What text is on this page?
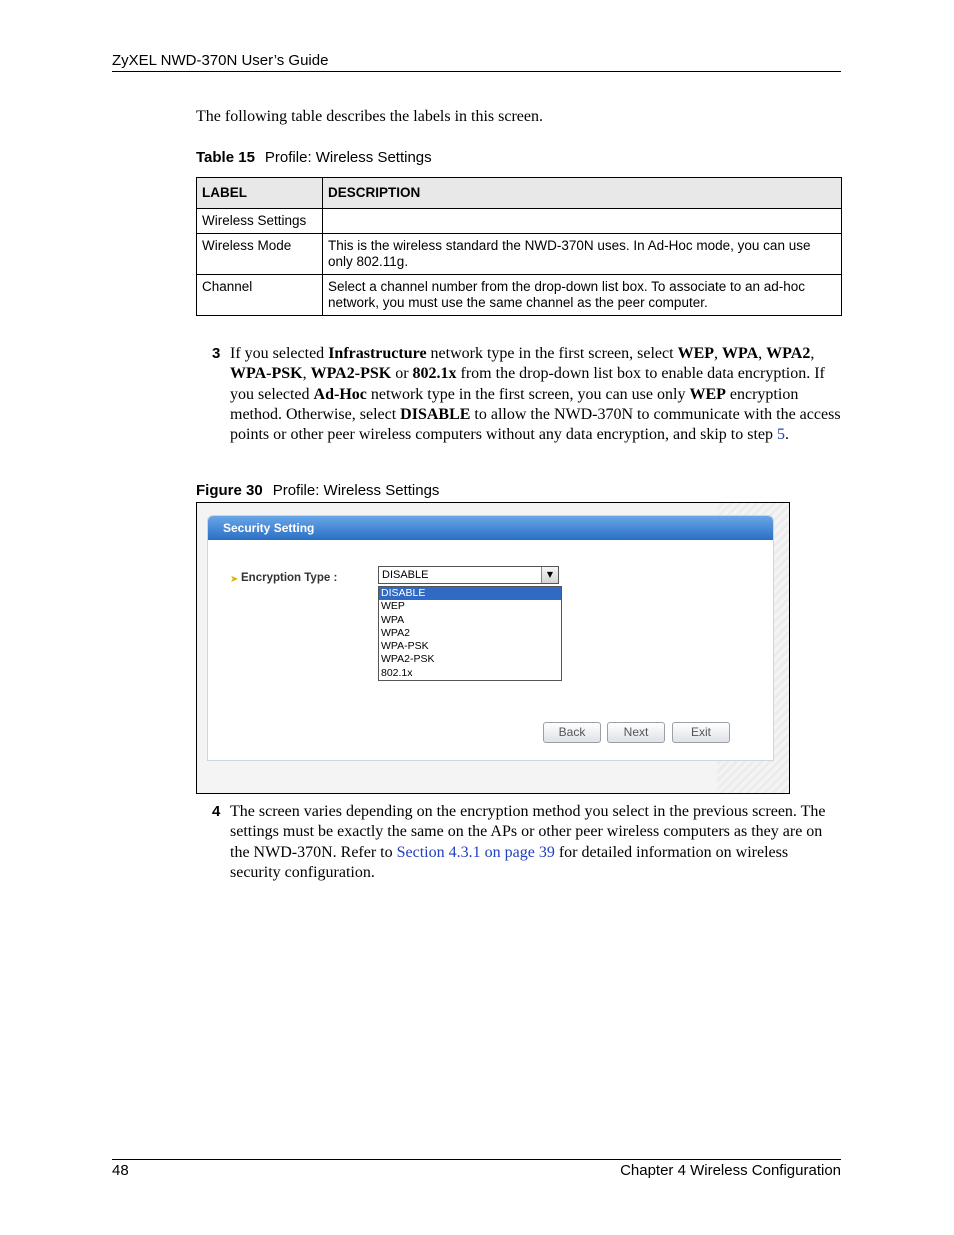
ZyXEL NWD-370N User’s Guide
The following table describes the labels in this screen.
Table 15 Profile: Wireless Settings
LABEL	DESCRIPTION
Wireless Settings	
Wireless Mode	This is the wireless standard the NWD-370N uses. In Ad-Hoc mode, you can use only 802.11g.
Channel	Select a channel number from the drop-down list box. To associate to an ad-hoc network, you must use the same channel as the peer computer.
3 If you selected Infrastructure network type in the first screen, select WEP, WPA, WPA2, WPA-PSK, WPA2-PSK or 802.1x from the drop-down list box to enable data encryption. If you selected Ad-Hoc network type in the first screen, you can use only WEP encryption method. Otherwise, select DISABLE to allow the NWD-370N to communicate with the access points or other peer wireless computers without any data encryption, and skip to step 5.
Figure 30 Profile: Wireless Settings
Security Setting
➤ Encryption Type :	DISABLE	▼
DISABLE
WEP
WPA
WPA2
WPA-PSK
WPA2-PSK
802.1x
Back	Next	Exit
4 The screen varies depending on the encryption method you select in the previous screen. The settings must be exactly the same on the APs or other peer wireless computers as they are on the NWD-370N. Refer to Section 4.3.1 on page 39 for detailed information on wireless security configuration.
48	Chapter 4 Wireless Configuration
